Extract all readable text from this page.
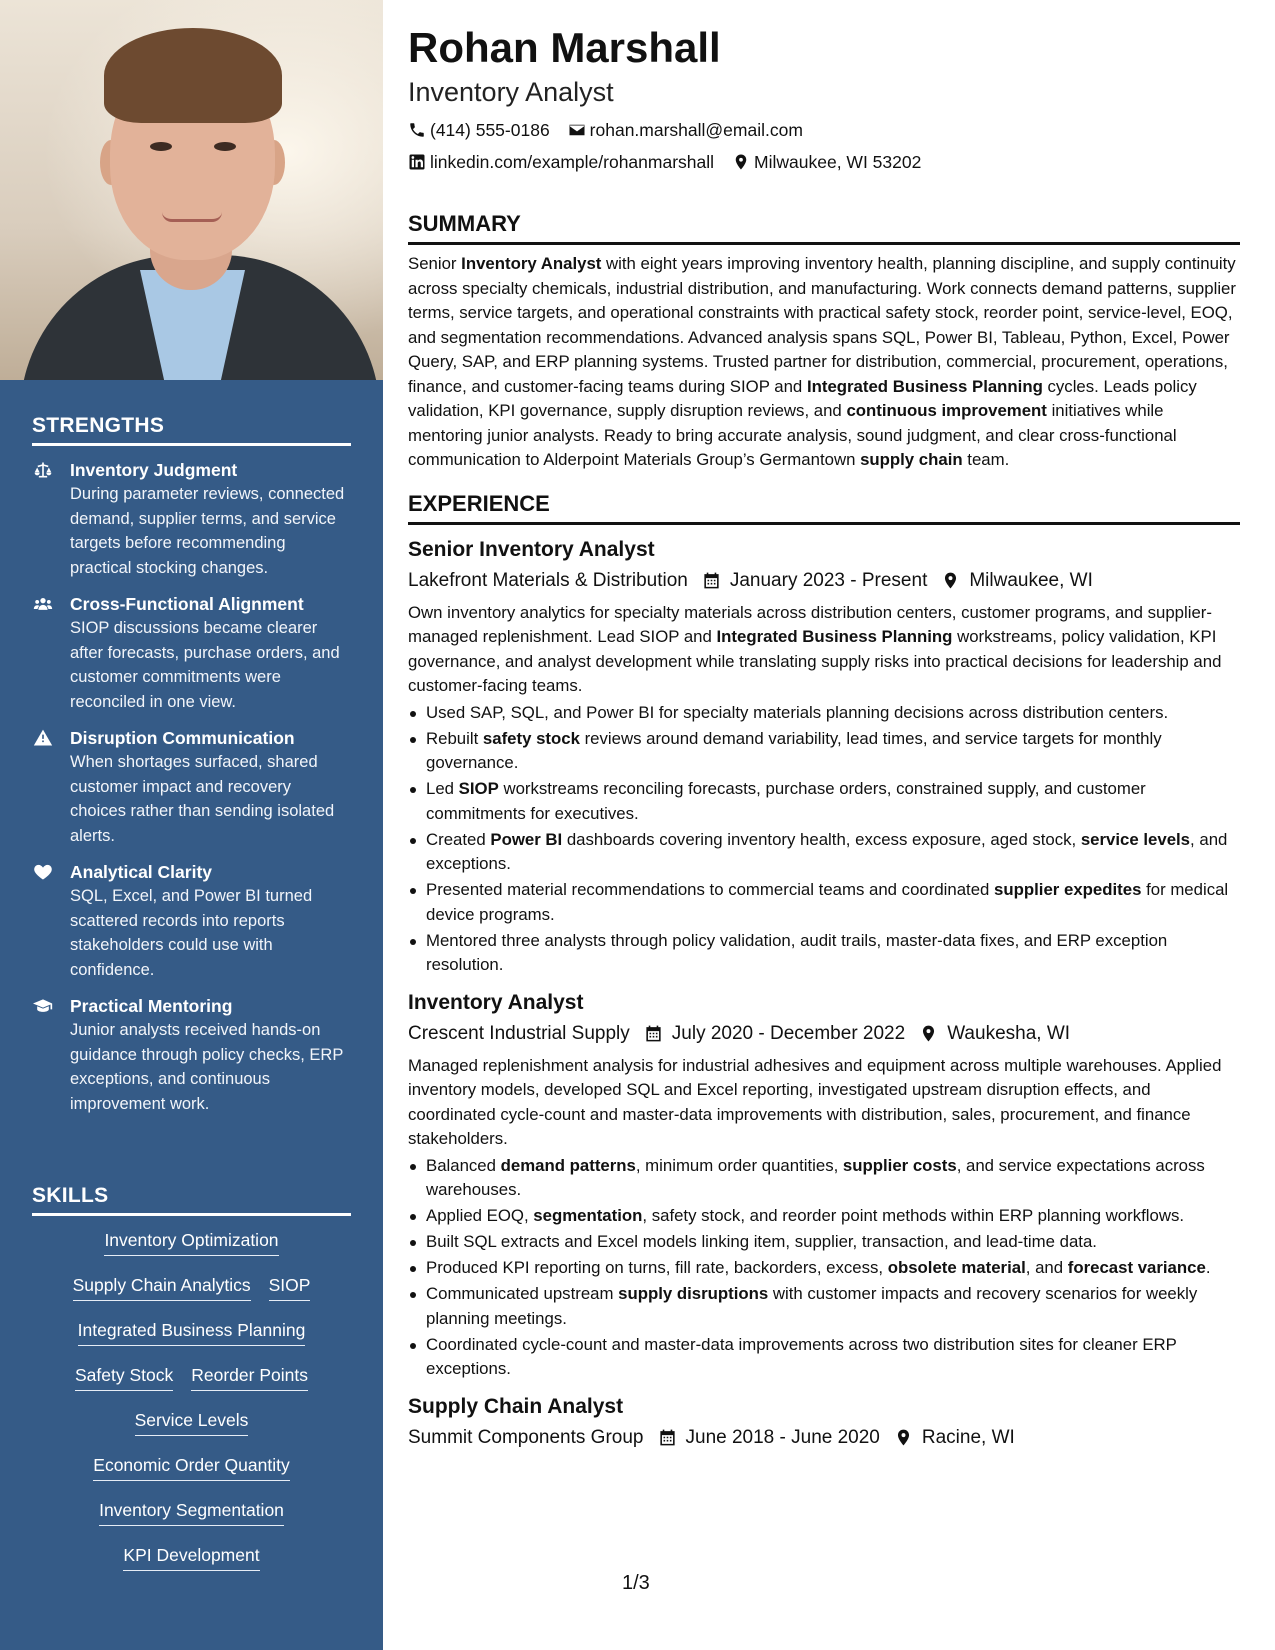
STRENGTHS
Inventory Judgment
During parameter reviews, connected demand, supplier terms, and service targets before recommending practical stocking changes.
Cross-Functional Alignment
SIOP discussions became clearer after forecasts, purchase orders, and customer commitments were reconciled in one view.
Disruption Communication
When shortages surfaced, shared customer impact and recovery choices rather than sending isolated alerts.
Analytical Clarity
SQL, Excel, and Power BI turned scattered records into reports stakeholders could use with confidence.
Practical Mentoring
Junior analysts received hands-on guidance through policy checks, ERP exceptions, and continuous improvement work.
SKILLS
Inventory Optimization
Supply Chain Analytics SIOP
Integrated Business Planning
Safety Stock Reorder Points
Service Levels
Economic Order Quantity
Inventory Segmentation
KPI Development
Rohan Marshall
Inventory Analyst
(414) 555-0186 rohan.marshall@email.com
linkedin.com/example/rohanmarshall Milwaukee, WI 53202
SUMMARY
Senior Inventory Analyst with eight years improving inventory health, planning discipline, and supply continuity across specialty chemicals, industrial distribution, and manufacturing. Work connects demand patterns, supplier terms, service targets, and operational constraints with practical safety stock, reorder point, service-level, EOQ, and segmentation recommendations. Advanced analysis spans SQL, Power BI, Tableau, Python, Excel, Power Query, SAP, and ERP planning systems. Trusted partner for distribution, commercial, procurement, operations, finance, and customer-facing teams during SIOP and Integrated Business Planning cycles. Leads policy validation, KPI governance, supply disruption reviews, and continuous improvement initiatives while mentoring junior analysts. Ready to bring accurate analysis, sound judgment, and clear cross-functional communication to Alderpoint Materials Group’s Germantown supply chain team.
EXPERIENCE
Senior Inventory Analyst
Lakefront Materials & Distribution January 2023 - Present Milwaukee, WI
Own inventory analytics for specialty materials across distribution centers, customer programs, and supplier-managed replenishment. Lead SIOP and Integrated Business Planning workstreams, policy validation, KPI governance, and analyst development while translating supply risks into practical decisions for leadership and customer-facing teams.
Used SAP, SQL, and Power BI for specialty materials planning decisions across distribution centers.
Rebuilt safety stock reviews around demand variability, lead times, and service targets for monthly governance.
Led SIOP workstreams reconciling forecasts, purchase orders, constrained supply, and customer commitments for executives.
Created Power BI dashboards covering inventory health, excess exposure, aged stock, service levels, and exceptions.
Presented material recommendations to commercial teams and coordinated supplier expedites for medical device programs.
Mentored three analysts through policy validation, audit trails, master-data fixes, and ERP exception resolution.
Inventory Analyst
Crescent Industrial Supply July 2020 - December 2022 Waukesha, WI
Managed replenishment analysis for industrial adhesives and equipment across multiple warehouses. Applied inventory models, developed SQL and Excel reporting, investigated upstream disruption effects, and coordinated cycle-count and master-data improvements with distribution, sales, procurement, and finance stakeholders.
Balanced demand patterns, minimum order quantities, supplier costs, and service expectations across warehouses.
Applied EOQ, segmentation, safety stock, and reorder point methods within ERP planning workflows.
Built SQL extracts and Excel models linking item, supplier, transaction, and lead-time data.
Produced KPI reporting on turns, fill rate, backorders, excess, obsolete material, and forecast variance.
Communicated upstream supply disruptions with customer impacts and recovery scenarios for weekly planning meetings.
Coordinated cycle-count and master-data improvements across two distribution sites for cleaner ERP exceptions.
Supply Chain Analyst
Summit Components Group June 2018 - June 2020 Racine, WI
1/3
